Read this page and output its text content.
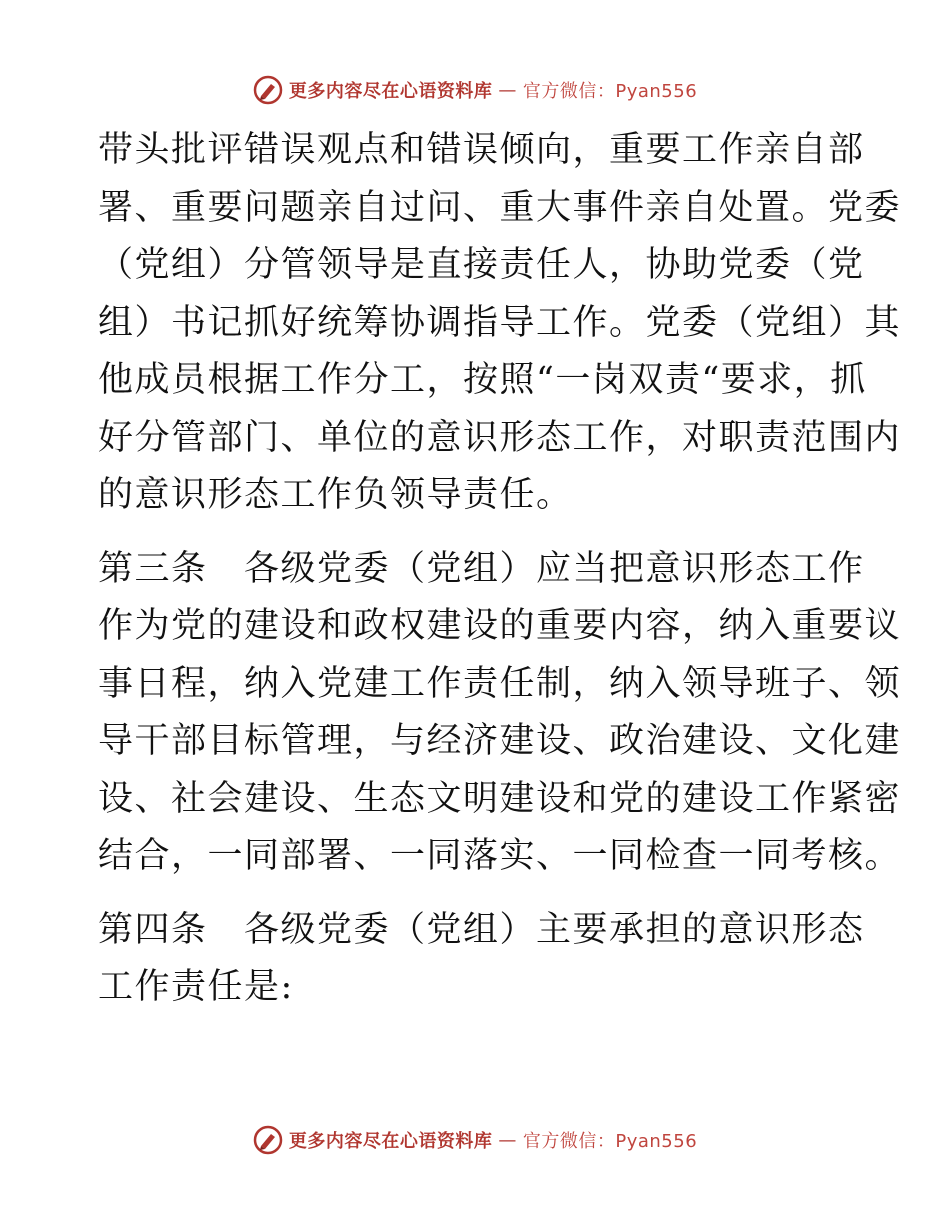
更多内容尽在心语资料库 — 官方微信：Pyan556

带头批评错误观点和错误倾向，重要工作亲自部
署、重要问题亲自过问、重大事件亲自处置。党委
（党组）分管领导是直接责任人，协助党委（党
组）书记抓好统筹协调指导工作。党委（党组）其
他成员根据工作分工，按照“一岗双责“要求，抓
好分管部门、单位的意识形态工作，对职责范围内
的意识形态工作负领导责任。

第三条　各级党委（党组）应当把意识形态工作
作为党的建设和政权建设的重要内容，纳入重要议
事日程，纳入党建工作责任制，纳入领导班子、领
导干部目标管理，与经济建设、政治建设、文化建
设、社会建设、生态文明建设和党的建设工作紧密
结合，一同部署、一同落实、一同检查一同考核。

第四条　各级党委（党组）主要承担的意识形态
工作责任是:

更多内容尽在心语资料库 — 官方微信：Pyan556
